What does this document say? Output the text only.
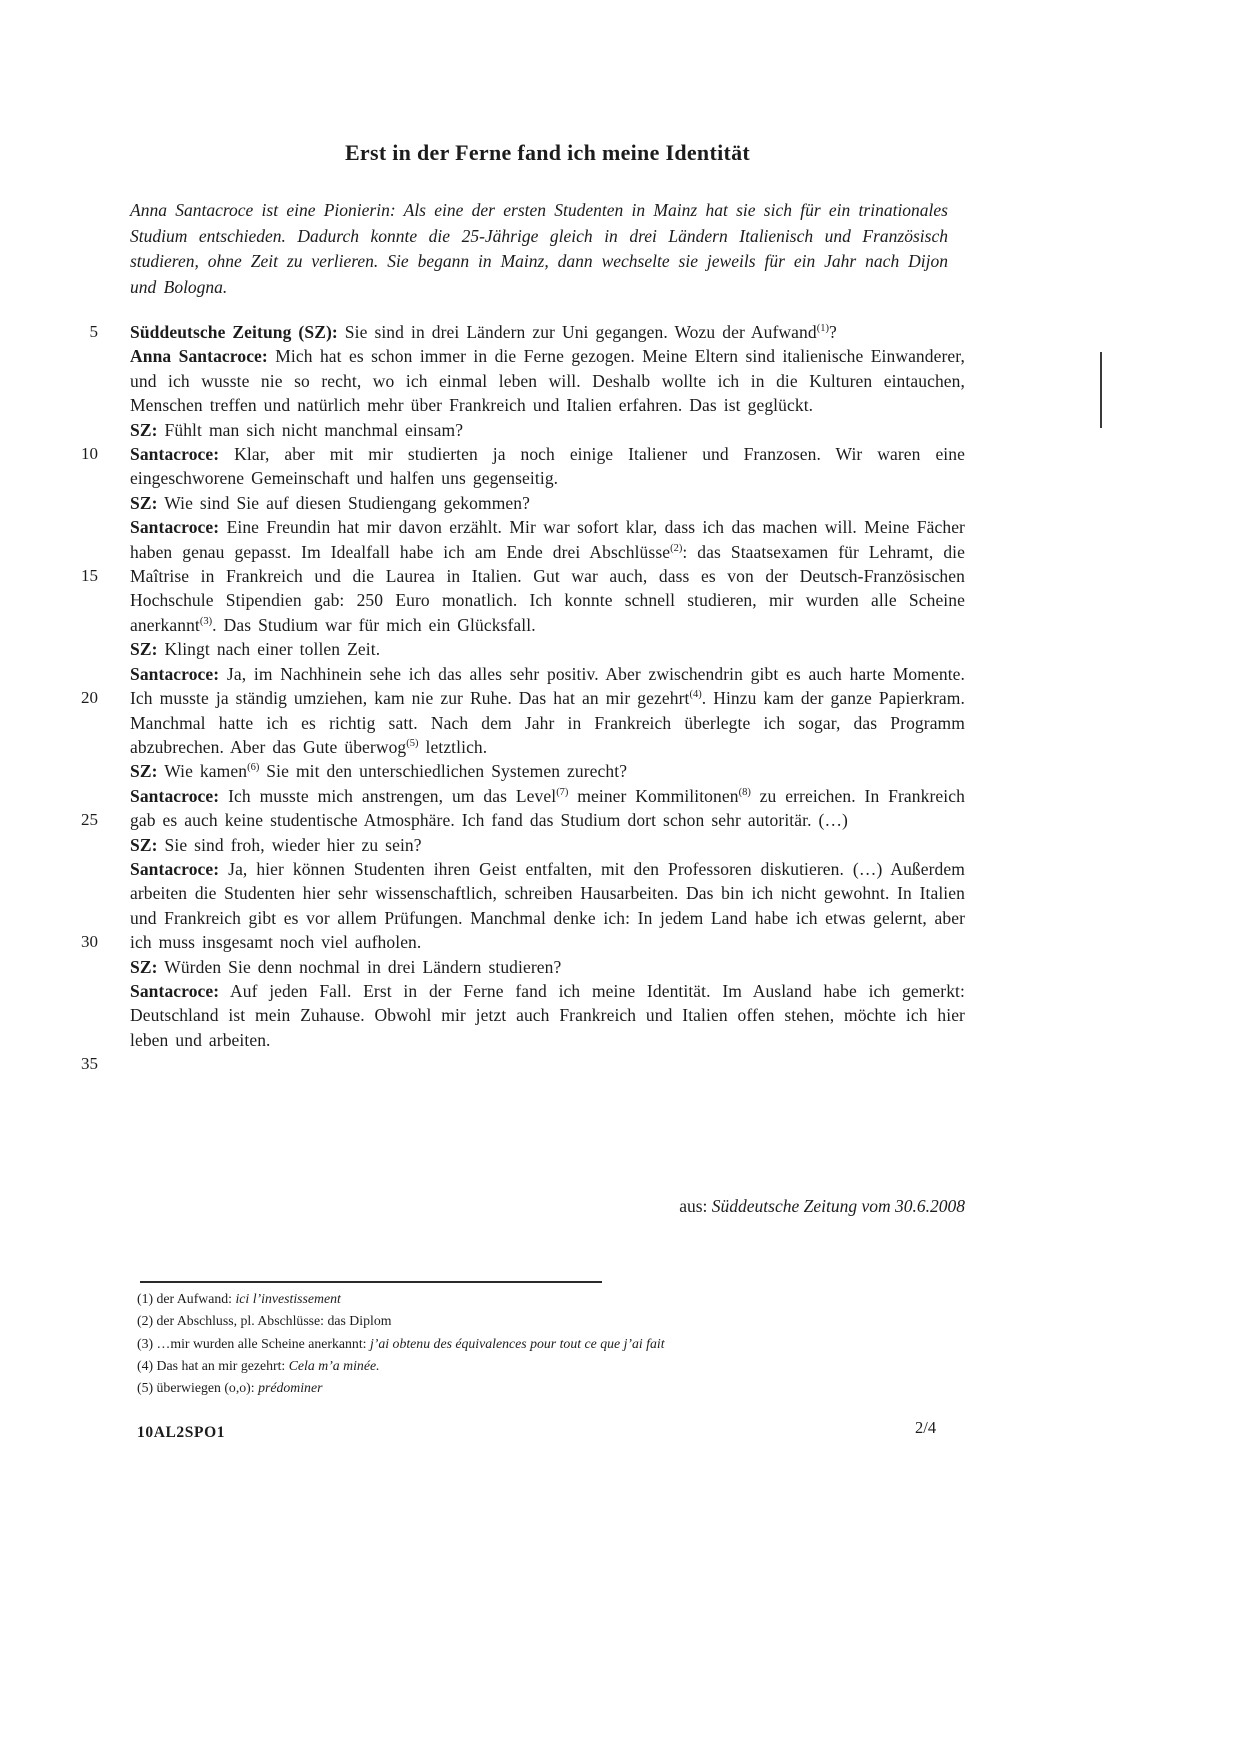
Erst in der Ferne fand ich meine Identität

Anna Santacroce ist eine Pionierin: Als eine der ersten Studenten in Mainz hat sie sich für ein trinationales Studium entschieden. Dadurch konnte die 25-Jährige gleich in drei Ländern Italienisch und Französisch studieren, ohne Zeit zu verlieren. Sie begann in Mainz, dann wechselte sie jeweils für ein Jahr nach Dijon und Bologna.

5
10
15
20
25
30
35

Süddeutsche Zeitung (SZ): Sie sind in drei Ländern zur Uni gegangen. Wozu der Aufwand$^{(1)}$?

Anna Santacroce: Mich hat es schon immer in die Ferne gezogen. Meine Eltern sind italienische Einwanderer, und ich wusste nie so recht, wo ich einmal leben will. Deshalb wollte ich in die Kulturen eintauchen, Menschen treffen und natürlich mehr über Frankreich und Italien erfahren. Das ist geglückt.

SZ: Fühlt man sich nicht manchmal einsam?

Santacroce: Klar, aber mit mir studierten ja noch einige Italiener und Franzosen. Wir waren eine eingeschworene Gemeinschaft und halfen uns gegenseitig.

SZ: Wie sind Sie auf diesen Studiengang gekommen?

Santacroce: Eine Freundin hat mir davon erzählt. Mir war sofort klar, dass ich das machen will. Meine Fächer haben genau gepasst. Im Idealfall habe ich am Ende drei Abschlüsse$^{(2)}$: das Staatsexamen für Lehramt, die Maîtrise in Frankreich und die Laurea in Italien. Gut war auch, dass es von der Deutsch-Französischen Hochschule Stipendien gab: 250 Euro monatlich. Ich konnte schnell studieren, mir wurden alle Scheine anerkannt$^{(3)}$. Das Studium war für mich ein Glücksfall.

SZ: Klingt nach einer tollen Zeit.

Santacroce: Ja, im Nachhinein sehe ich das alles sehr positiv. Aber zwischendrin gibt es auch harte Momente. Ich musste ja ständig umziehen, kam nie zur Ruhe. Das hat an mir gezehrt$^{(4)}$. Hinzu kam der ganze Papierkram. Manchmal hatte ich es richtig satt. Nach dem Jahr in Frankreich überlegte ich sogar, das Programm abzubrechen. Aber das Gute überwog$^{(5)}$ letztlich.

SZ: Wie kamen$^{(6)}$ Sie mit den unterschiedlichen Systemen zurecht?

Santacroce: Ich musste mich anstrengen, um das Level$^{(7)}$ meiner Kommilitonen$^{(8)}$ zu erreichen. In Frankreich gab es auch keine studentische Atmosphäre. Ich fand das Studium dort schon sehr autoritär. (…)

SZ: Sie sind froh, wieder hier zu sein?

Santacroce: Ja, hier können Studenten ihren Geist entfalten, mit den Professoren diskutieren. (…) Außerdem arbeiten die Studenten hier sehr wissenschaftlich, schreiben Hausarbeiten. Das bin ich nicht gewohnt. In Italien und Frankreich gibt es vor allem Prüfungen. Manchmal denke ich: In jedem Land habe ich etwas gelernt, aber ich muss insgesamt noch viel aufholen.

SZ: Würden Sie denn nochmal in drei Ländern studieren?

Santacroce: Auf jeden Fall. Erst in der Ferne fand ich meine Identität. Im Ausland habe ich gemerkt: Deutschland ist mein Zuhause. Obwohl mir jetzt auch Frankreich und Italien offen stehen, möchte ich hier leben und arbeiten.

aus: Süddeutsche Zeitung vom 30.6.2008

(1) der Aufwand: ici l’investissement
(2) der Abschluss, pl. Abschlüsse: das Diplom
(3) …mir wurden alle Scheine anerkannt: j’ai obtenu des équivalences pour tout ce que j’ai fait
(4) Das hat an mir gezehrt: Cela m’a minée.
(5) überwiegen (o,o): prédominer
10AL2SPO1	2/4
